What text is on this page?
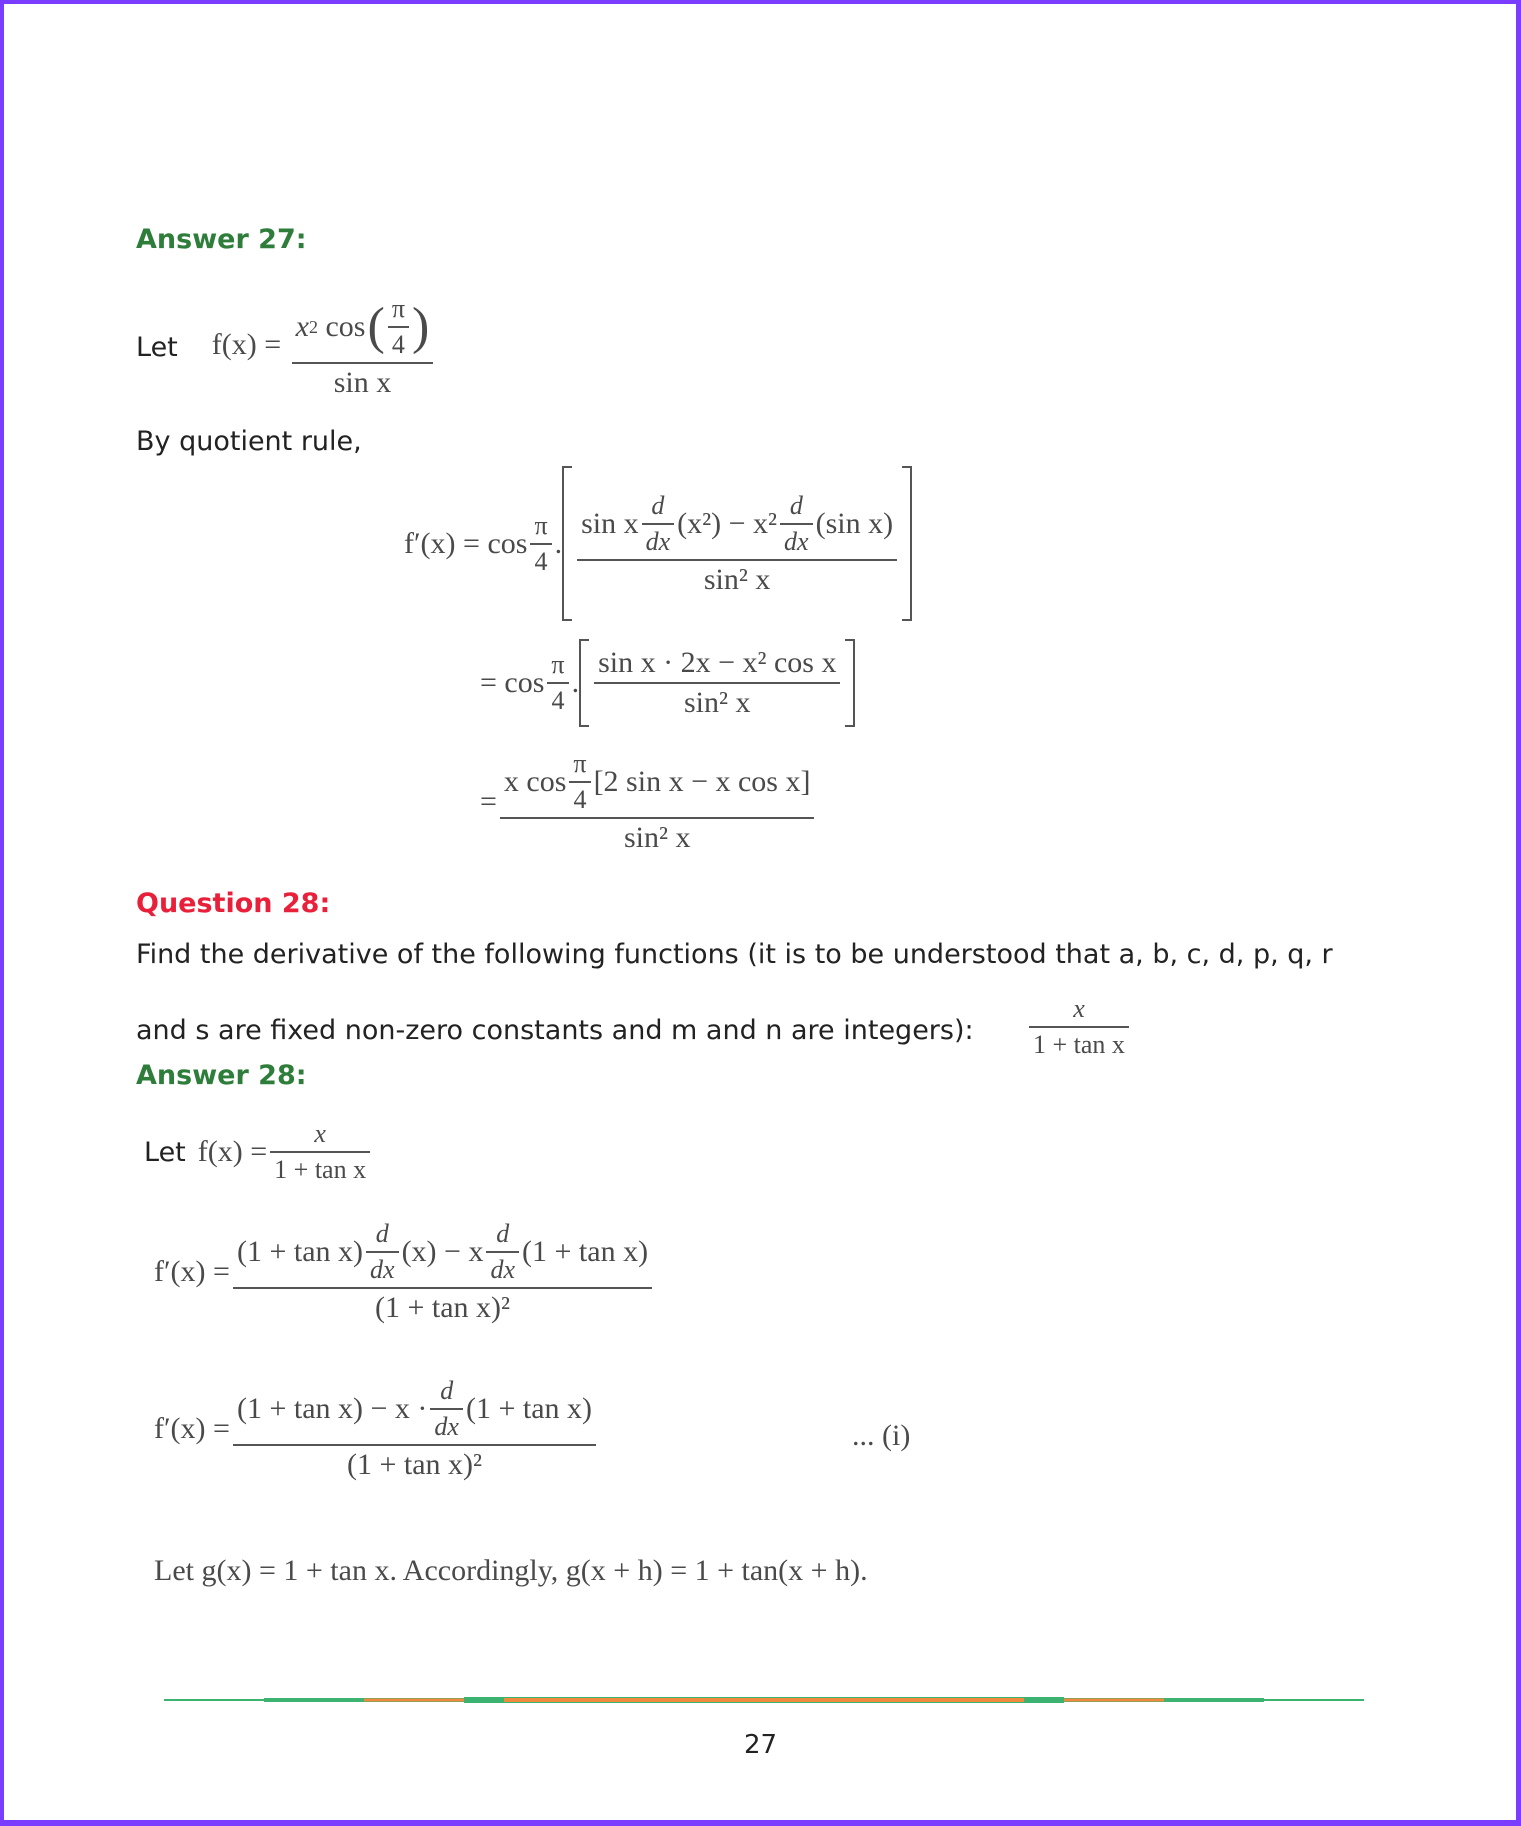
Answer 27:
Let f(x) =
x 2
cos ( $\frac{\pi}{4}$ )
sin x
By quotient rule,
$f'(x) = \cos \frac{\pi}{4}$ .
sin x $\frac{d}{dx} (x^2) - x^2 \frac{d}{dx} (\sin$ x)
sin² x
= $\cos \frac{\pi}{4}$ . $\frac{\text{sin x · 2x − x² cos x}}{\text{sin² x}}$
=
x $\cos \frac{\pi}{4} [2$ sin x − x cos x]
sin² x
Question 28:
Find the derivative of the following functions (it is to be understood that a, b, c, d, p, q, r
and s are fixed non-zero constants and m and n are integers): $\frac{x}{\text{1 + tan x}}$
Answer 28:
Let $f(x) = \frac{x}{\text{1 + tan x}}$
f′(x) =
$(1 + \tan x) \frac{d}{dx} (x) - x \frac{d}{dx} (1 + \tan x)$
(1 + tan x)²
$f'(x) = \frac{(1 + \tan x) - x \cdot \frac{d}{dx} (1 + \tan x)}{\text{(1 + tan x)²}}$	... (i)
Let g(x) = 1 + tan x. Accordingly, g(x + h) = 1 + tan(x + h).
27
